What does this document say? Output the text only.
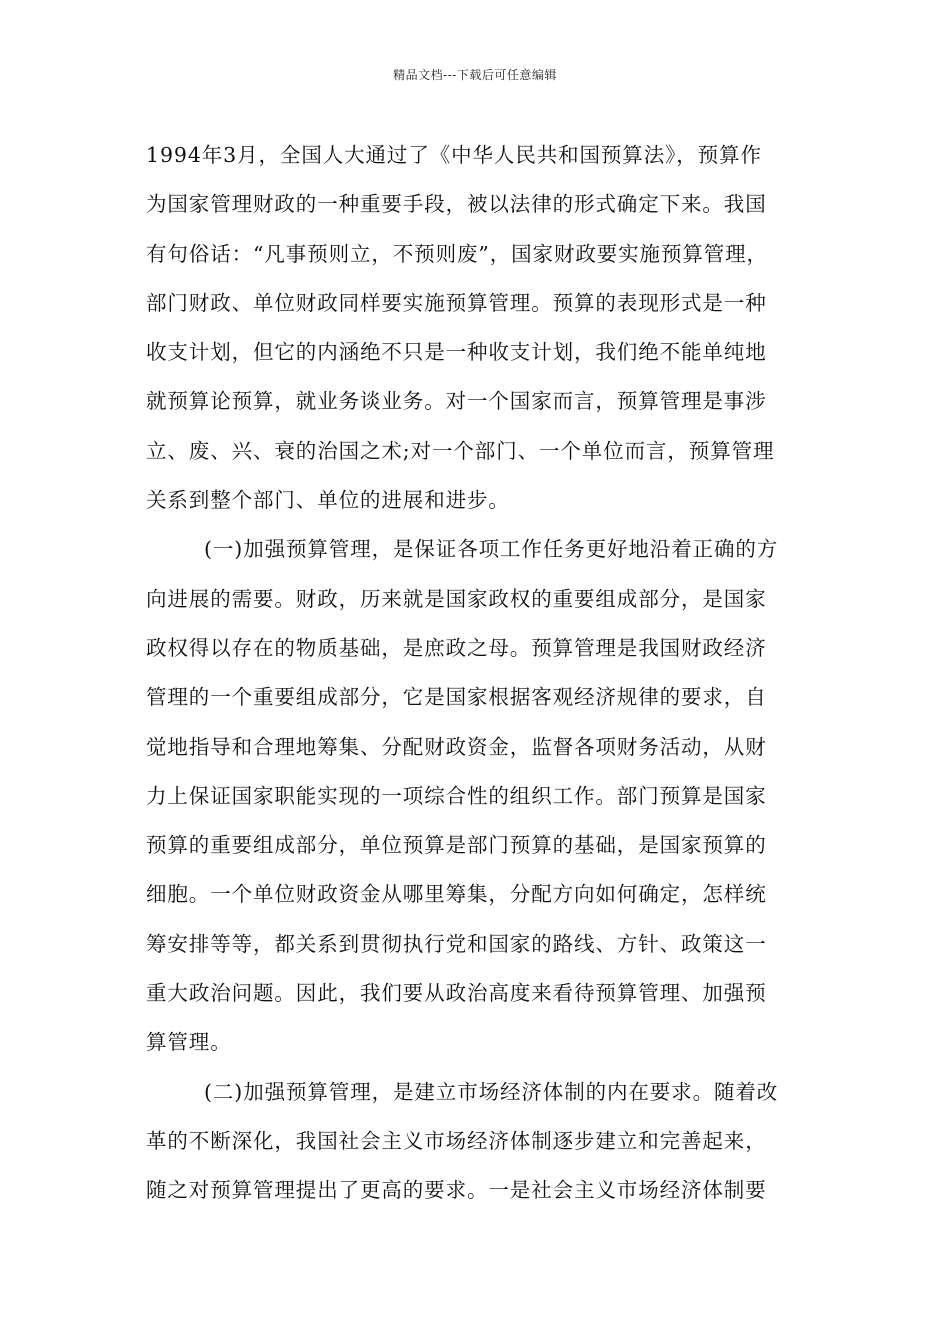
精品文档---下载后可任意编辑
1994年3月，全国人大通过了《中华人民共和国预算法》，预算作
为国家管理财政的一种重要手段，被以法律的形式确定下来。我国
有句俗话：“凡事预则立，不预则废”，国家财政要实施预算管理，
部门财政、单位财政同样要实施预算管理。预算的表现形式是一种
收支计划，但它的内涵绝不只是一种收支计划，我们绝不能单纯地
就预算论预算，就业务谈业务。对一个国家而言，预算管理是事涉
立、废、兴、衰的治国之术;对一个部门、一个单位而言，预算管理
关系到整个部门、单位的进展和进步。
(一)加强预算管理，是保证各项工作任务更好地沿着正确的方
向进展的需要。财政，历来就是国家政权的重要组成部分，是国家
政权得以存在的物质基础，是庶政之母。预算管理是我国财政经济
管理的一个重要组成部分，它是国家根据客观经济规律的要求，自
觉地指导和合理地筹集、分配财政资金，监督各项财务活动，从财
力上保证国家职能实现的一项综合性的组织工作。部门预算是国家
预算的重要组成部分，单位预算是部门预算的基础，是国家预算的
细胞。一个单位财政资金从哪里筹集，分配方向如何确定，怎样统
筹安排等等，都关系到贯彻执行党和国家的路线、方针、政策这一
重大政治问题。因此，我们要从政治高度来看待预算管理、加强预
算管理。
(二)加强预算管理，是建立市场经济体制的内在要求。随着改
革的不断深化，我国社会主义市场经济体制逐步建立和完善起来，
随之对预算管理提出了更高的要求。一是社会主义市场经济体制要
